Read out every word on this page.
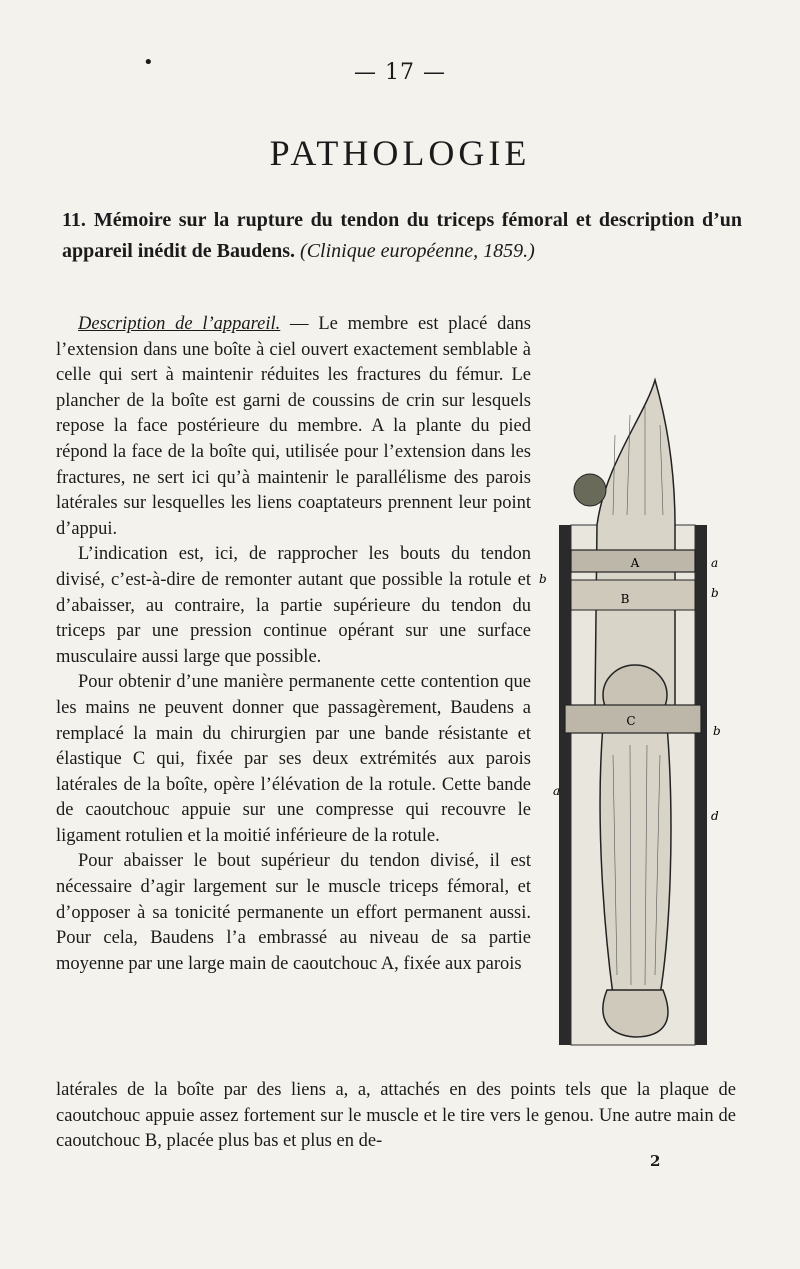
•	— 17 —
PATHOLOGIE
11. Mémoire sur la rupture du tendon du triceps fémoral et description d’un appareil inédit de Baudens. (Clinique européenne, 1859.)

Description de l’appareil. — Le membre est placé dans l’extension dans une boîte à ciel ouvert exactement semblable à celle qui sert à maintenir réduites les fractures du fémur. Le plancher de la boîte est garni de coussins de crin sur lesquels repose la face postérieure du membre. A la plante du pied répond la face de la boîte qui, utilisée pour l’extension dans les fractures, ne sert ici qu’à maintenir le parallélisme des parois latérales sur lesquelles les liens coaptateurs prennent leur point d’appui.

L’indication est, ici, de rapprocher les bouts du tendon divisé, c’est-à-dire de remonter autant que possible la rotule et d’abaisser, au contraire, la partie supérieure du tendon du triceps par une pression continue opérant sur une surface musculaire aussi large que possible.

Pour obtenir d’une manière permanente cette contention que les mains ne peuvent donner que passagèrement, Baudens a remplacé la main du chirurgien par une bande résistante et élastique C qui, fixée par ses deux extrémités aux parois latérales de la boîte, opère l’élévation de la rotule. Cette bande de caoutchouc appuie sur une compresse qui recouvre le ligament rotulien et la moitié inférieure de la rotule.

Pour abaisser le bout supérieur du tendon divisé, il est nécessaire d’agir largement sur le muscle triceps fémoral, et d’opposer à sa tonicité permanente un effort permanent aussi. Pour cela, Baudens l’a embrassé au niveau de sa partie moyenne par une large main de caoutchouc A, fixée aux parois

latérales de la boîte par des liens a, a, attachés en des points tels que la plaque de caoutchouc appuie assez fortement sur le muscle et le tire vers le genou. Une autre main de caoutchouc B, placée plus bas et plus en de-
2
A
B
C
a
b
b
b
a
d
